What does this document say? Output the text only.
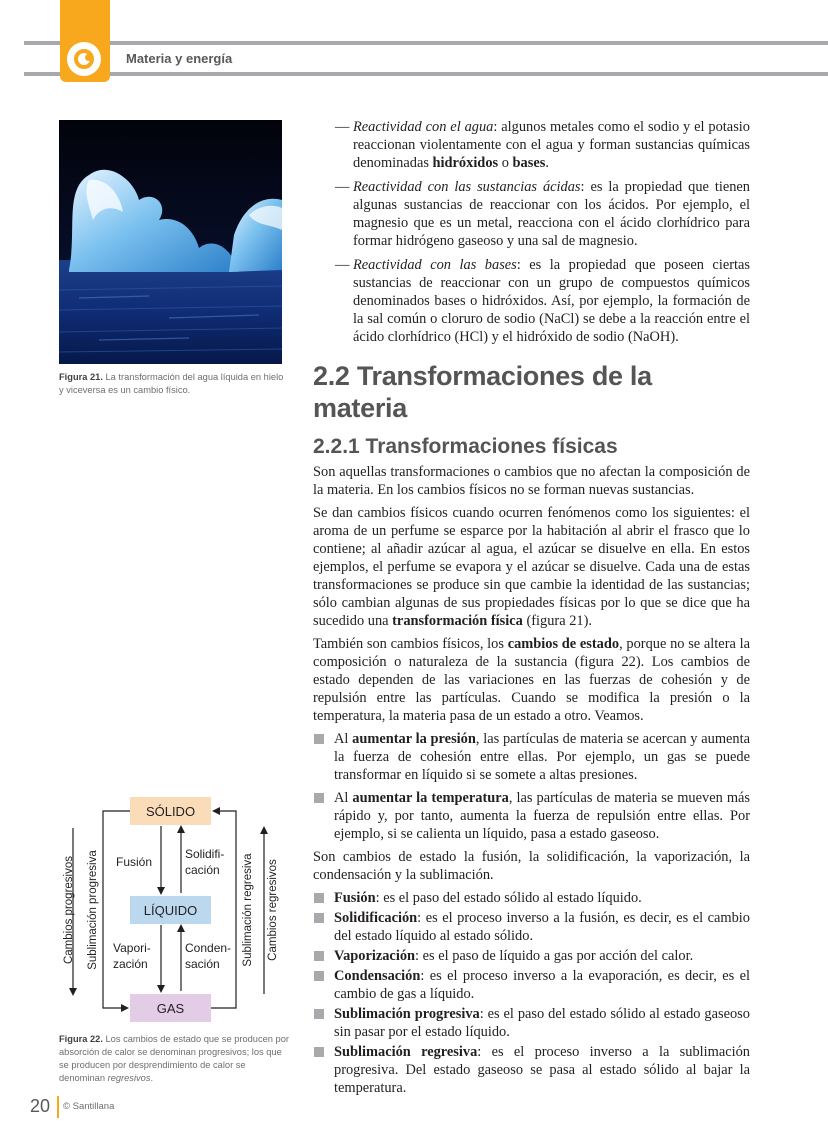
Materia y energía

Figura 21. La transformación del agua líquida en hielo y viceversa es un cambio físico.

SÓLIDO
LÍQUIDO
GAS
Fusión
Solidifi-
cación
Vapori-
zación
Conden-
sación
Cambios progresivos Sublimación progresiva	Sublimación regresiva Cambios regresivos

Figura 22. Los cambios de estado que se producen por absorción de calor se denominan progresivos; los que se producen por desprendimiento de calor se denominan regresivos.

20 © Santillana
— Reactividad con el agua: algunos metales como el sodio y el potasio reaccionan violentamente con el agua y forman sustancias químicas denominadas hidróxidos o bases.
— Reactividad con las sustancias ácidas: es la propiedad que tienen algunas sustancias de reaccionar con los ácidos. Por ejemplo, el magnesio que es un metal, reacciona con el ácido clorhídrico para formar hidrógeno gaseoso y una sal de magnesio.
— Reactividad con las bases: es la propiedad que poseen ciertas sustancias de reaccionar con un grupo de compuestos químicos denominados bases o hidróxidos. Así, por ejemplo, la formación de la sal común o cloruro de sodio (NaCl) se debe a la reacción entre el ácido clorhídrico (HCl) y el hidróxido de sodio (NaOH).
2.2 Transformaciones de la materia
2.2.1 Transformaciones físicas

Son aquellas transformaciones o cambios que no afectan la composición de la materia. En los cambios físicos no se forman nuevas sustancias.

Se dan cambios físicos cuando ocurren fenómenos como los siguientes: el aroma de un perfume se esparce por la habitación al abrir el frasco que lo contiene; al añadir azúcar al agua, el azúcar se disuelve en ella. En estos ejemplos, el perfume se evapora y el azúcar se disuelve. Cada una de estas transformaciones se produce sin que cambie la identidad de las sustancias; sólo cambian algunas de sus propiedades físicas por lo que se dice que ha sucedido una transformación física (figura 21).

También son cambios físicos, los cambios de estado, porque no se altera la composición o naturaleza de la sustancia (figura 22). Los cambios de estado dependen de las variaciones en las fuerzas de cohesión y de repulsión entre las partículas. Cuando se modifica la presión o la temperatura, la materia pasa de un estado a otro. Veamos.

Al aumentar la presión, las partículas de materia se acercan y aumenta la fuerza de cohesión entre ellas. Por ejemplo, un gas se puede transformar en líquido si se somete a altas presiones.
Al aumentar la temperatura, las partículas de materia se mueven más rápido y, por tanto, aumenta la fuerza de repulsión entre ellas. Por ejemplo, si se calienta un líquido, pasa a estado gaseoso.

Son cambios de estado la fusión, la solidificación, la vaporización, la condensación y la sublimación.

Fusión: es el paso del estado sólido al estado líquido.
Solidificación: es el proceso inverso a la fusión, es decir, es el cambio del estado líquido al estado sólido.
Vaporización: es el paso de líquido a gas por acción del calor.
Condensación: es el proceso inverso a la evaporación, es decir, es el cambio de gas a líquido.
Sublimación progresiva: es el paso del estado sólido al estado gaseoso sin pasar por el estado líquido.
Sublimación regresiva: es el proceso inverso a la sublimación progresiva. Del estado gaseoso se pasa al estado sólido al bajar la temperatura.
